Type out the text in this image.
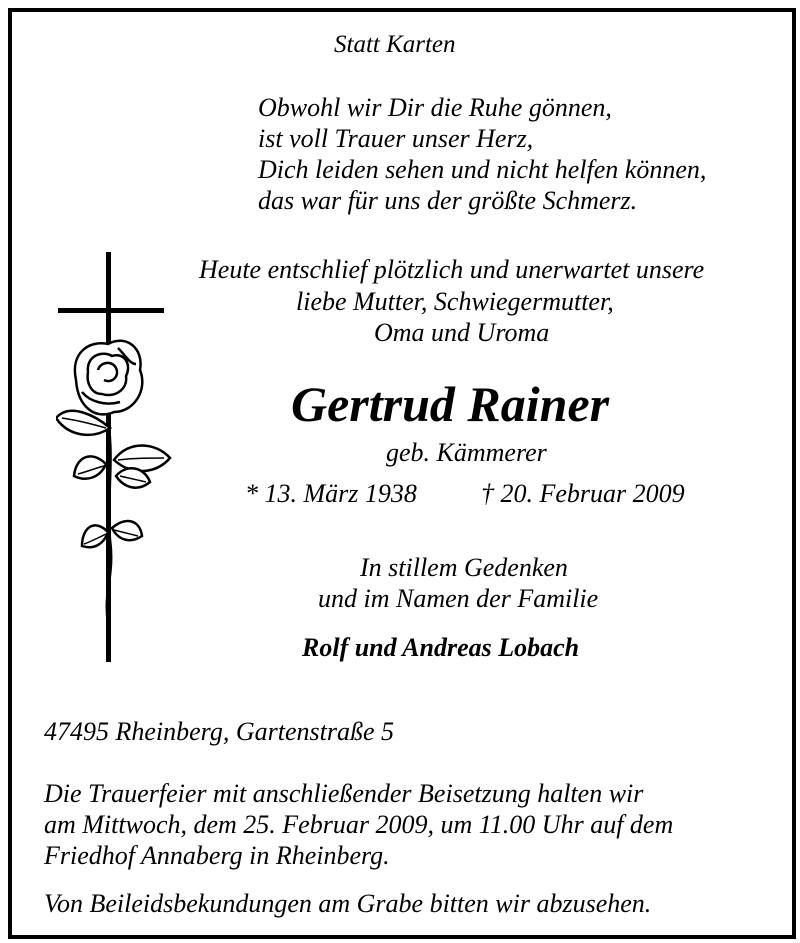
Statt Karten
Obwohl wir Dir die Ruhe gönnen,
ist voll Trauer unser Herz,
Dich leiden sehen und nicht helfen können,
das war für uns der größte Schmerz.
Heute entschlief plötzlich und unerwartet unsere
liebe Mutter, Schwiegermutter,
Oma und Uroma
Gertrud Rainer
geb. Kämmerer
* 13. März 1938 † 20. Februar 2009
In stillem Gedenken
und im Namen der Familie
Rolf und Andreas Lobach
47495 Rheinberg, Gartenstraße 5
Die Trauerfeier mit anschließender Beisetzung halten wir
am Mittwoch, dem 25. Februar 2009, um 11.00 Uhr auf dem
Friedhof Annaberg in Rheinberg.
Von Beileidsbekundungen am Grabe bitten wir abzusehen.
